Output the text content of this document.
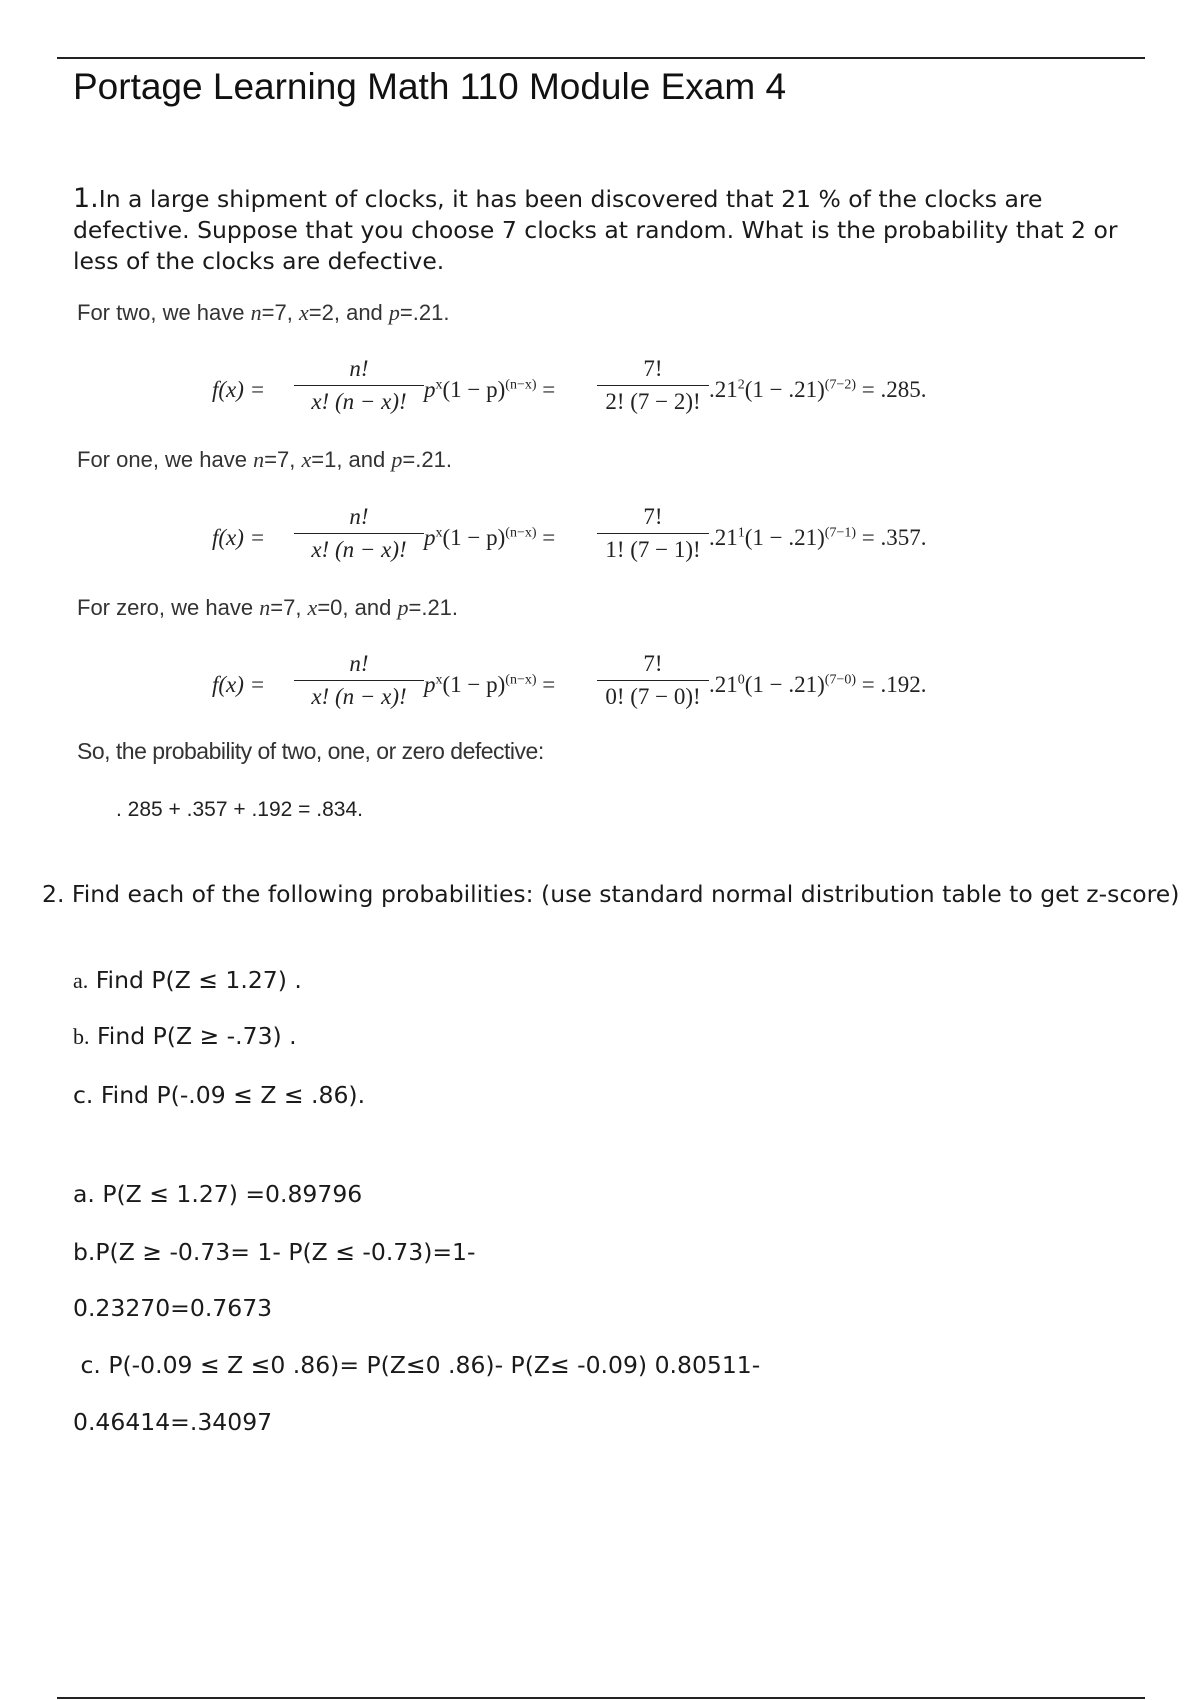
Portage Learning Math 110 Module Exam 4
1.In a large shipment of clocks, it has been discovered that 21 % of the clocks are defective. Suppose that you choose 7 clocks at random. What is the probability that 2 or less of the clocks are defective.
For two, we have n=7, x=2, and p=.21.
$f(x) = \frac{n!}{x! (n - x)!} p^x(1 - p)^{(n-x)} = \frac{7!}{2! (7 - 2)!} .21^2(1 - .21)^{(7-2)} = .285$.
For one, we have n=7, x=1, and p=.21.
$f(x) = \frac{n!}{x! (n - x)!} p^x(1 - p)^{(n-x)} = \frac{7!}{1! (7 - 1)!} .21^1(1 - .21)^{(7-1)} = .357$.
For zero, we have n=7, x=0, and p=.21.
$f(x) = \frac{n!}{x! (n - x)!} p^x(1 - p)^{(n-x)} = \frac{7!}{0! (7 - 0)!} .21^0(1 - .21)^{(7-0)} = .192$.
So, the probability of two, one, or zero defective:
. 285 + .357 + .192 = .834.
2. Find each of the following probabilities: (use standard normal distribution table to get z-score)
a. Find P(Z ≤ 1.27) .
b. Find P(Z ≥ -.73) .
c. Find P(-.09 ≤ Z ≤ .86).
a. P(Z ≤ 1.27) =0.89796
b.P(Z ≥ -0.73= 1- P(Z ≤ -0.73)=1-
0.23270=0.7673
c. P(-0.09 ≤ Z ≤0 .86)= P(Z≤0 .86)- P(Z≤ -0.09) 0.80511-
0.46414=.34097
